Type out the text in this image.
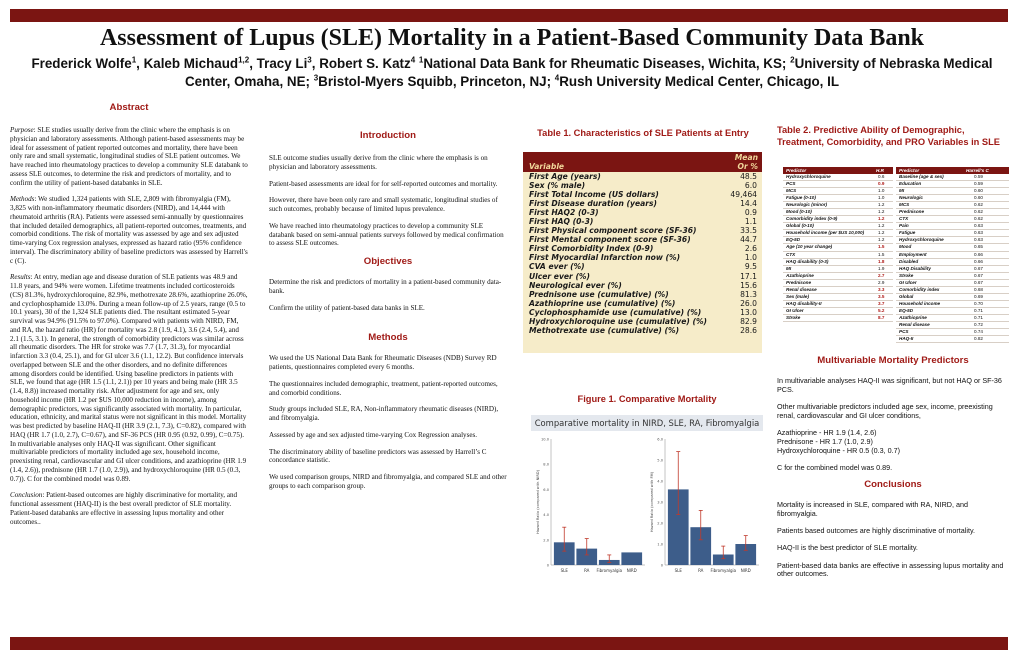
Assessment of Lupus (SLE) Mortality in a Patient-Based Community Data Bank
Frederick Wolfe$^1$, Kaleb Michaud$^{1,2}$, Tracy Li$^3$, Robert S. Katz$^4$ $^1$National Data Bank for Rheumatic Diseases, Wichita, KS; $^2$University of Nebraska Medical Center, Omaha, NE; $^3$Bristol-Myers Squibb, Princeton, NJ; $^4$Rush University Medical Center, Chicago, IL
Abstract

Purpose: SLE studies usually derive from the clinic where the emphasis is on physician and laboratory assessments. Although patient-based assessments may be ideal for assessment of patient reported outcomes and mortality, there have been only rare and small systematic, longitudinal studies of SLE patient outcomes. We have reached into rheumatology practices to develop a community SLE databank to assess SLE outcomes, to determine the risk and predictors of mortality, and to confirm the utility of patient-based databanks in SLE.

Methods: We studied 1,324 patients with SLE, 2,809 with fibromyalgia (FM), 3,825 with non-inflammatory rheumatic disorders (NIRD), and 14,444 with rheumatoid arthritis (RA). Patients were assessed semi-annually by questionnaires that included detailed demographics, all patient-reported outcomes, treatments, and comorbid conditions. The risk of mortality was assessed by age and sex adjusted time-varying Cox regression analyses, expressed as hazard ratio (95% confidence interval). The discriminatory ability of baseline predictors was assessed by Harrell's c (C).

Results: At entry, median age and disease duration of SLE patients was 48.9 and 11.8 years, and 94% were women. Lifetime treatments included corticosteroids (CS) 81.3%, hydroxychloroquine, 82.9%, methotrexate 28.6%, azathioprine 26.0%, and cyclophosphamide 13.0%. During a mean follow-up of 2.5 years, range (0.5 to 10.1 years), 30 of the 1,324 SLE patients died. The resultant estimated 5-year survival was 94.9% (91.5% to 97.0%). Compared with patients with NIRD, FM, and RA, the hazard ratio (HR) for mortality was 2.8 (1.9, 4.1), 3.6 (2.4, 5.4), and 2.1 (1.5, 3.1). In general, the strength of comorbidity predictors was similar across all rheumatic disorders. The HR for stroke was 7.7 (1.7, 31.3), for myocardial infarction 3.3 (0.4, 25.1), and for GI ulcer 3.6 (1.1, 12.2). But confidence intervals overlapped between SLE and the other disorders, and no definite differences among disorders could be identified. Using baseline predictors in patients with SLE, we found that age (HR 1.5 (1.1, 2.1)) per 10 years and being male (HR 3.5 (1.4, 8.8)) increased mortality risk. After adjustment for age and sex, only household income (HR 1.2 per $US 10,000 reduction in income), among demographic predictors, was significantly associated with mortality. In particular, education, ethnicity, and marital status were not significant in this model. Mortality was best predicted by baseline HAQ-II (HR 3.9 (2.1, 7.3), C=0.82), compared with HAQ (HR 1.7 (1.0, 2.7), C=0.67), and SF-36 PCS (HR 0.95 (0.92, 0.99), C=0.75). In multivariable analyses only HAQ-II was significant. Other significant multivariable predictors of mortality included age sex, household income, preexisting renal, cardiovascular and GI ulcer conditions, and azathioprine (HR 1.9 (1.4, 2.6)), prednisone (HR 1.7 (1.0, 2.9)), and hydroxychloroquine (HR 0.5 (0.3, 0.7)). C for the combined model was 0.89.

Conclusion: Patient-based outcomes are highly discriminative for mortality, and functional assessment (HAQ-II) is the best overall predictor of SLE mortality. Patient-based databanks are effective in assessing lupus mortality and other outcomes..

Introduction

SLE outcome studies usually derive from the clinic where the emphasis is on physician and laboratory assessments.

Patient-based assessments are ideal for for self-reported outcomes and mortality.

However, there have been only rare and small systematic, longitudinal studies of such outcomes, probably because of limited lupus prevalence.

We have reached into rheumatology practices to develop a community SLE databank based on semi-annual patients surveys followed by medical confirmation to assess SLE outcomes.

Objectives

Determine the risk and predictors of mortality in a patient-based community data-bank.

Confirm the utility of patient-based data banks in SLE.

Methods

We used the US National Data Bank for Rheumatic Diseases (NDB) Survey RD patients, questionnaires completed every 6 months.

The questionnaires included demographic, treatment, patient-reported outcomes, and comorbid conditions.

Study groups included SLE, RA, Non-inflammatory rheumatic diseases (NIRD), and fibromyalgia.

Assessed by age and sex adjusted time-varying Cox Regression analyses.

The discriminatory ability of baseline predictors was assessed by Harrell’s C concordance statistic.

We used comparison groups, NIRD and fibromyalgia, and compared SLE and other groups to each comparison group.

Table 1. Characteristics of SLE Patients at Entry
Variable
Mean
Or %
First Age (years)	48.5
Sex (% male)	6.0
First Total Income (US dollars)	49,464
First Disease duration (years)	14.4
First HAQ2 (0-3)	0.9
First HAQ (0-3)	1.1
First Physical component score (SF-36)	33.5
First Mental component score (SF-36)	44.7
First Comorbidity Index (0-9)	2.6
First Myocardial Infarction now (%)	1.0
CVA ever (%)	9.5
Ulcer ever (%)	17.1
Neurological ever (%)	15.6
Prednisone use (cumulative) (%)	81.3
Azathioprine use (cumulative) (%)	26.0
Cyclophosphamide use (cumulative) (%)	13.0
Hydroxychloroquine use (cumulative) (%)	82.9
Methotrexate use (cumulative) (%)	28.6
Figure 1. Comparative Mortality
Comparative mortality in NIRD, SLE, RA, Fibromyalgia
0
2.0
4.0
6.0
8.0
10.0
Hazard Ratio (compared with NIRD)
SLE	RA Fibromyalgia NIRD
0
1.0
2.0
3.0
4.0
5.0
6.0
Hazard Ratio (compared with FM)
SLE	RA Fibromyalgia NIRD
Table 2. Predictive Ability of Demographic, Treatment, Comorbidity, and PRO Variables in SLE
Predictor	H.R
Hydroxychloroquine	0.6
PCS	0.9
MCS	1.0
Fatigue (0-10)	1.0
Neurologic (minor)	1.2
Mood (0-10)	1.2
Comorbidity index (0-9)	1.2
Global (0-10)	1.2
Household income (per $US 10,000)	1.2
EQ-5D	1.2
Age (10 year change)	1.5
CTX	1.5
HAQ disability (0-3)	1.8
MI	1.9
Azathioprine	2.7
Prednisone	2.9
Renal disease	3.3
Sex (male)	3.5
HAQ disability-II	3.7
GI Ulcer	5.2
Stroke	8.7
Predictor	Harrell's C
Baseline (age & sex)	0.59
Education	0.59
MI	0.60
Neurologic	0.60
MCS	0.62
Prednisone	0.62
CTX	0.62
Pain	0.63
Fatigue	0.63
Hydroxychloroquine	0.63
Mood	0.65
Employment	0.66
Disabled	0.66
HAQ Disability	0.67
Stroke	0.67
GI Ulcer	0.67
Comorbidity index	0.68
Global	0.69
Household income	0.70
EQ-5D	0.71
Azathioprine	0.71
Renal disease	0.72
PCS	0.74
HAQ-II	0.82
Multivariable Mortality Predictors

In multivariable analyses HAQ-II was significant, but not HAQ or SF-36 PCS.

Other multivariable predictors included age sex, income, preexisting renal, cardiovascular and GI ulcer conditions,

Azathioprine - HR 1.9 (1.4, 2.6)
Prednisone - HR 1.7 (1.0, 2.9)
Hydroxychloroquine - HR 0.5 (0.3, 0.7)

C for the combined model was 0.89.

Conclusions

Mortality is increased in SLE, compared with RA, NIRD, and fibromyalgia.

Patients based outcomes are highly discriminative of mortality.

HAQ-II is the best predictor of SLE mortality.

Patient-based data banks are effective in assessing lupus mortality and other outcomes.
